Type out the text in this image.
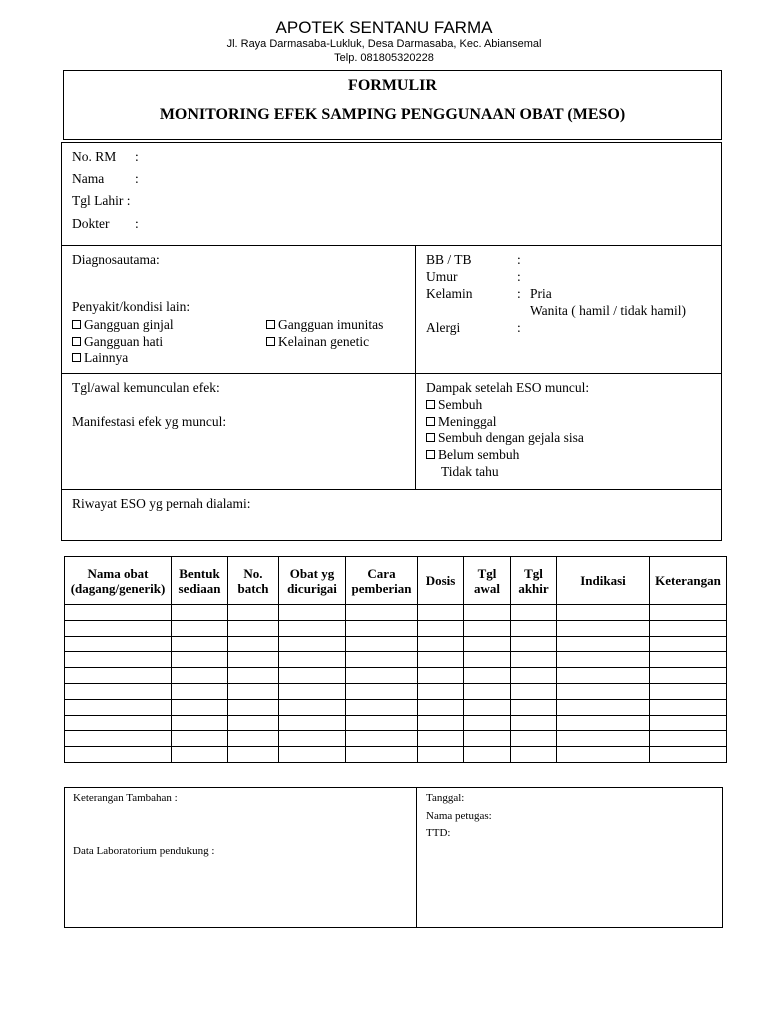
APOTEK SENTANU FARMA
Jl. Raya Darmasaba-Lukluk, Desa Darmasaba, Kec. Abiansemal
Telp. 081805320228
FORMULIR
MONITORING EFEK SAMPING PENGGUNAAN OBAT (MESO)
No. RM :
Nama :
Tgl Lahir :
Dokter :
Diagnosautama:
Penyakit/kondisi lain:
Gangguan ginjal
Gangguan hati
Lainnya
Gangguan imunitas
Kelainan genetic
BB / TB	:
Umur	:
Kelamin	: Pria
Wanita ( hamil / tidak hamil)
Alergi	:
Tgl/awal kemunculan efek:
Manifestasi efek yg muncul:
Dampak setelah ESO muncul:
Sembuh
Meninggal
Sembuh dengan gejala sisa
Belum sembuh
Tidak tahu
Riwayat ESO yg pernah dialami:
Nama obat (dagang/generik)	Bentuk sediaan	No. batch	Obat yg dicurigai	Cara pemberian	Dosis	Tgl awal	Tgl akhir	Indikasi	Keterangan

Keterangan Tambahan :
Data Laboratorium pendukung :
Tanggal:
Nama petugas:
TTD:
